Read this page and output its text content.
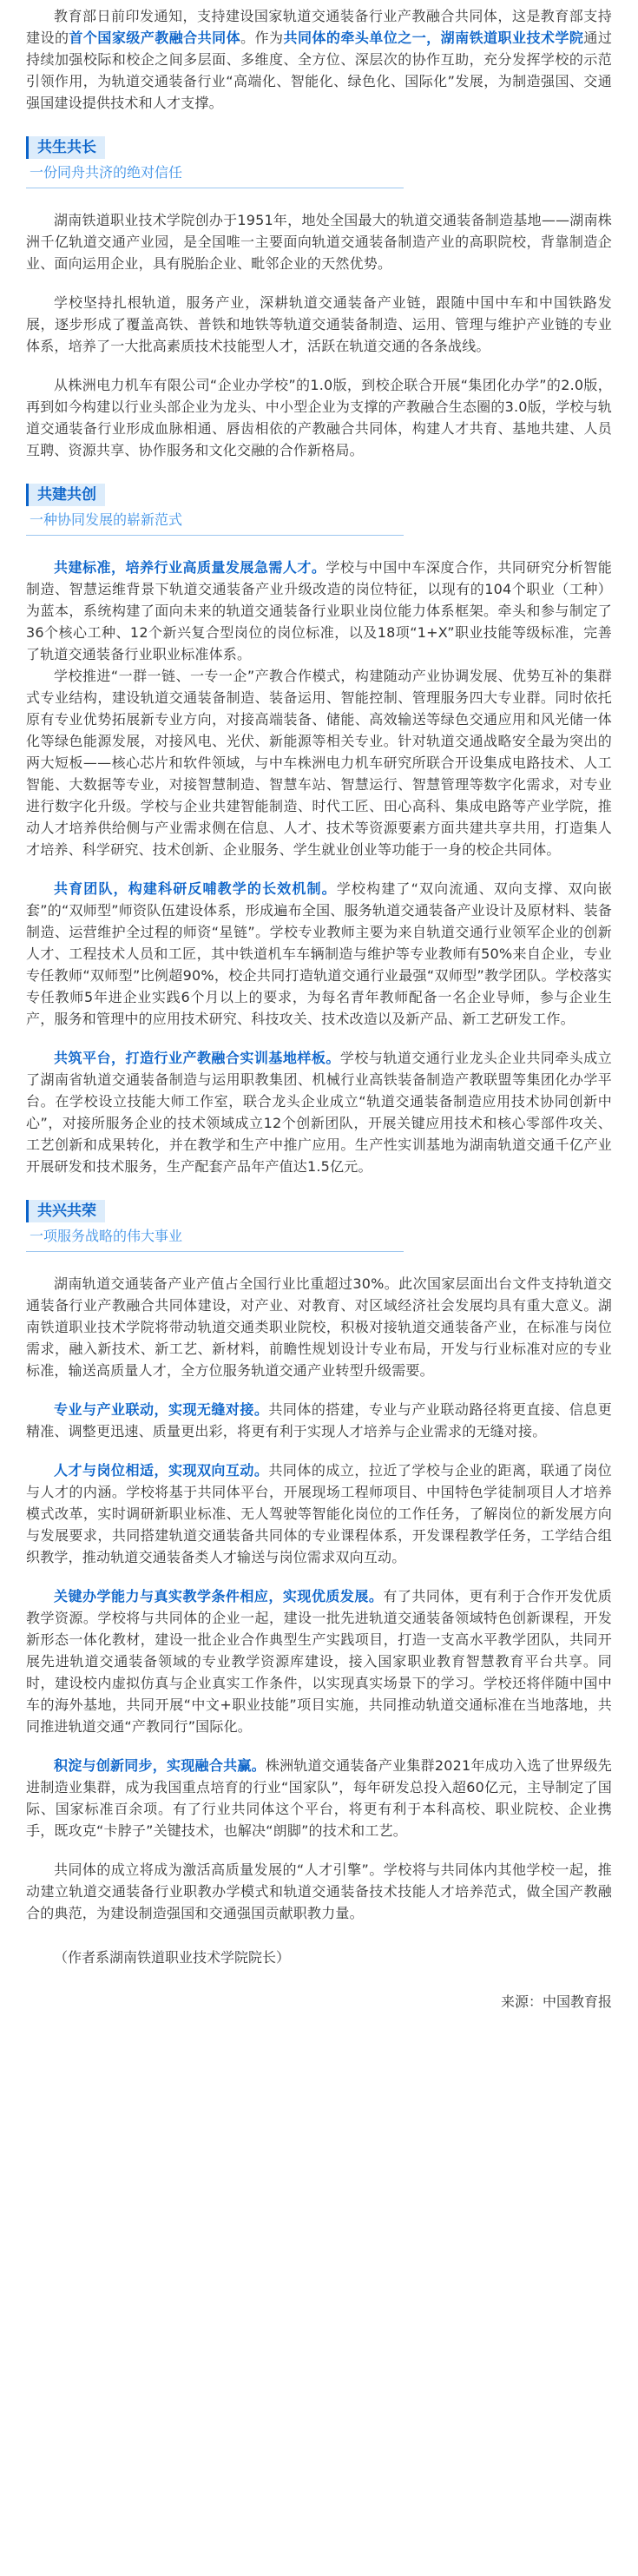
教育部日前印发通知，支持建设国家轨道交通装备行业产教融合共同体，这是教育部支持建设的首个国家级产教融合共同体。作为共同体的牵头单位之一，湖南铁道职业技术学院通过持续加强校际和校企之间多层面、多维度、全方位、深层次的协作互助，充分发挥学校的示范引领作用，为轨道交通装备行业“高端化、智能化、绿色化、国际化”发展，为制造强国、交通强国建设提供技术和人才支撑。

共生共长
一份同舟共济的绝对信任

湖南铁道职业技术学院创办于1951年，地处全国最大的轨道交通装备制造基地——湖南株洲千亿轨道交通产业园，是全国唯一主要面向轨道交通装备制造产业的高职院校，背靠制造企业、面向运用企业，具有脱胎企业、毗邻企业的天然优势。

学校坚持扎根轨道，服务产业，深耕轨道交通装备产业链，跟随中国中车和中国铁路发展，逐步形成了覆盖高铁、普铁和地铁等轨道交通装备制造、运用、管理与维护产业链的专业体系，培养了一大批高素质技术技能型人才，活跃在轨道交通的各条战线。

从株洲电力机车有限公司“企业办学校”的1.0版，到校企联合开展“集团化办学”的2.0版，再到如今构建以行业头部企业为龙头、中小型企业为支撑的产教融合生态圈的3.0版，学校与轨道交通装备行业形成血脉相通、唇齿相依的产教融合共同体，构建人才共育、基地共建、人员互聘、资源共享、协作服务和文化交融的合作新格局。

共建共创
一种协同发展的崭新范式

共建标准，培养行业高质量发展急需人才。学校与中国中车深度合作，共同研究分析智能制造、智慧运维背景下轨道交通装备产业升级改造的岗位特征，以现有的104个职业（工种）为蓝本，系统构建了面向未来的轨道交通装备行业职业岗位能力体系框架。牵头和参与制定了36个核心工种、12个新兴复合型岗位的岗位标准，以及18项“1+X”职业技能等级标准，完善了轨道交通装备行业职业标准体系。

学校推进“一群一链、一专一企”产教合作模式，构建随动产业协调发展、优势互补的集群式专业结构，建设轨道交通装备制造、装备运用、智能控制、管理服务四大专业群。同时依托原有专业优势拓展新专业方向，对接高端装备、储能、高效输送等绿色交通应用和风光储一体化等绿色能源发展，对接风电、光伏、新能源等相关专业。针对轨道交通战略安全最为突出的两大短板——核心芯片和软件领域，与中车株洲电力机车研究所联合开设集成电路技术、人工智能、大数据等专业，对接智慧制造、智慧车站、智慧运行、智慧管理等数字化需求，对专业进行数字化升级。学校与企业共建智能制造、时代工匠、田心高科、集成电路等产业学院，推动人才培养供给侧与产业需求侧在信息、人才、技术等资源要素方面共建共享共用，打造集人才培养、科学研究、技术创新、企业服务、学生就业创业等功能于一身的校企共同体。

共育团队，构建科研反哺教学的长效机制。学校构建了“双向流通、双向支撑、双向嵌套”的“双师型”师资队伍建设体系，形成遍布全国、服务轨道交通装备产业设计及原材料、装备制造、运营维护全过程的师资“星链”。学校专业教师主要为来自轨道交通行业领军企业的创新人才、工程技术人员和工匠，其中铁道机车车辆制造与维护等专业教师有50%来自企业，专业专任教师“双师型”比例超90%，校企共同打造轨道交通行业最强“双师型”教学团队。学校落实专任教师5年进企业实践6个月以上的要求，为每名青年教师配备一名企业导师，参与企业生产，服务和管理中的应用技术研究、科技攻关、技术改造以及新产品、新工艺研发工作。

共筑平台，打造行业产教融合实训基地样板。学校与轨道交通行业龙头企业共同牵头成立了湖南省轨道交通装备制造与运用职教集团、机械行业高铁装备制造产教联盟等集团化办学平台。在学校设立技能大师工作室，联合龙头企业成立“轨道交通装备制造应用技术协同创新中心”，对接所服务企业的技术领域成立12个创新团队，开展关键应用技术和核心零部件攻关、工艺创新和成果转化，并在教学和生产中推广应用。生产性实训基地为湖南轨道交通千亿产业开展研发和技术服务，生产配套产品年产值达1.5亿元。

共兴共荣
一项服务战略的伟大事业

湖南轨道交通装备产业产值占全国行业比重超过30%。此次国家层面出台文件支持轨道交通装备行业产教融合共同体建设，对产业、对教育、对区域经济社会发展均具有重大意义。湖南铁道职业技术学院将带动轨道交通类职业院校，积极对接轨道交通装备产业，在标准与岗位需求，融入新技术、新工艺、新材料，前瞻性规划设计专业布局，开发与行业标准对应的专业标准，输送高质量人才，全方位服务轨道交通产业转型升级需要。

专业与产业联动，实现无缝对接。共同体的搭建，专业与产业联动路径将更直接、信息更精准、调整更迅速、质量更出彩，将更有利于实现人才培养与企业需求的无缝对接。

人才与岗位相适，实现双向互动。共同体的成立，拉近了学校与企业的距离，联通了岗位与人才的内涵。学校将基于共同体平台，开展现场工程师项目、中国特色学徒制项目人才培养模式改革，实时调研新职业标准、无人驾驶等智能化岗位的工作任务，了解岗位的新发展方向与发展要求，共同搭建轨道交通装备共同体的专业课程体系，开发课程教学任务，工学结合组织教学，推动轨道交通装备类人才输送与岗位需求双向互动。

关键办学能力与真实教学条件相应，实现优质发展。有了共同体，更有利于合作开发优质教学资源。学校将与共同体的企业一起，建设一批先进轨道交通装备领域特色创新课程，开发新形态一体化教材，建设一批企业合作典型生产实践项目，打造一支高水平教学团队，共同开展先进轨道交通装备领域的专业教学资源库建设，接入国家职业教育智慧教育平台共享。同时，建设校内虚拟仿真与企业真实工作条件，以实现真实场景下的学习。学校还将伴随中国中车的海外基地，共同开展“中文+职业技能”项目实施，共同推动轨道交通标准在当地落地，共同推进轨道交通“产教同行”国际化。

积淀与创新同步，实现融合共赢。株洲轨道交通装备产业集群2021年成功入选了世界级先进制造业集群，成为我国重点培育的行业“国家队”，每年研发总投入超60亿元，主导制定了国际、国家标准百余项。有了行业共同体这个平台，将更有利于本科高校、职业院校、企业携手，既攻克“卡脖子”关键技术，也解决“朗脚”的技术和工艺。

共同体的成立将成为激活高质量发展的“人才引擎”。学校将与共同体内其他学校一起，推动建立轨道交通装备行业职教办学模式和轨道交通装备技术技能人才培养范式，做全国产教融合的典范，为建设制造强国和交通强国贡献职教力量。

（作者系湖南铁道职业技术学院院长）
来源：中国教育报
